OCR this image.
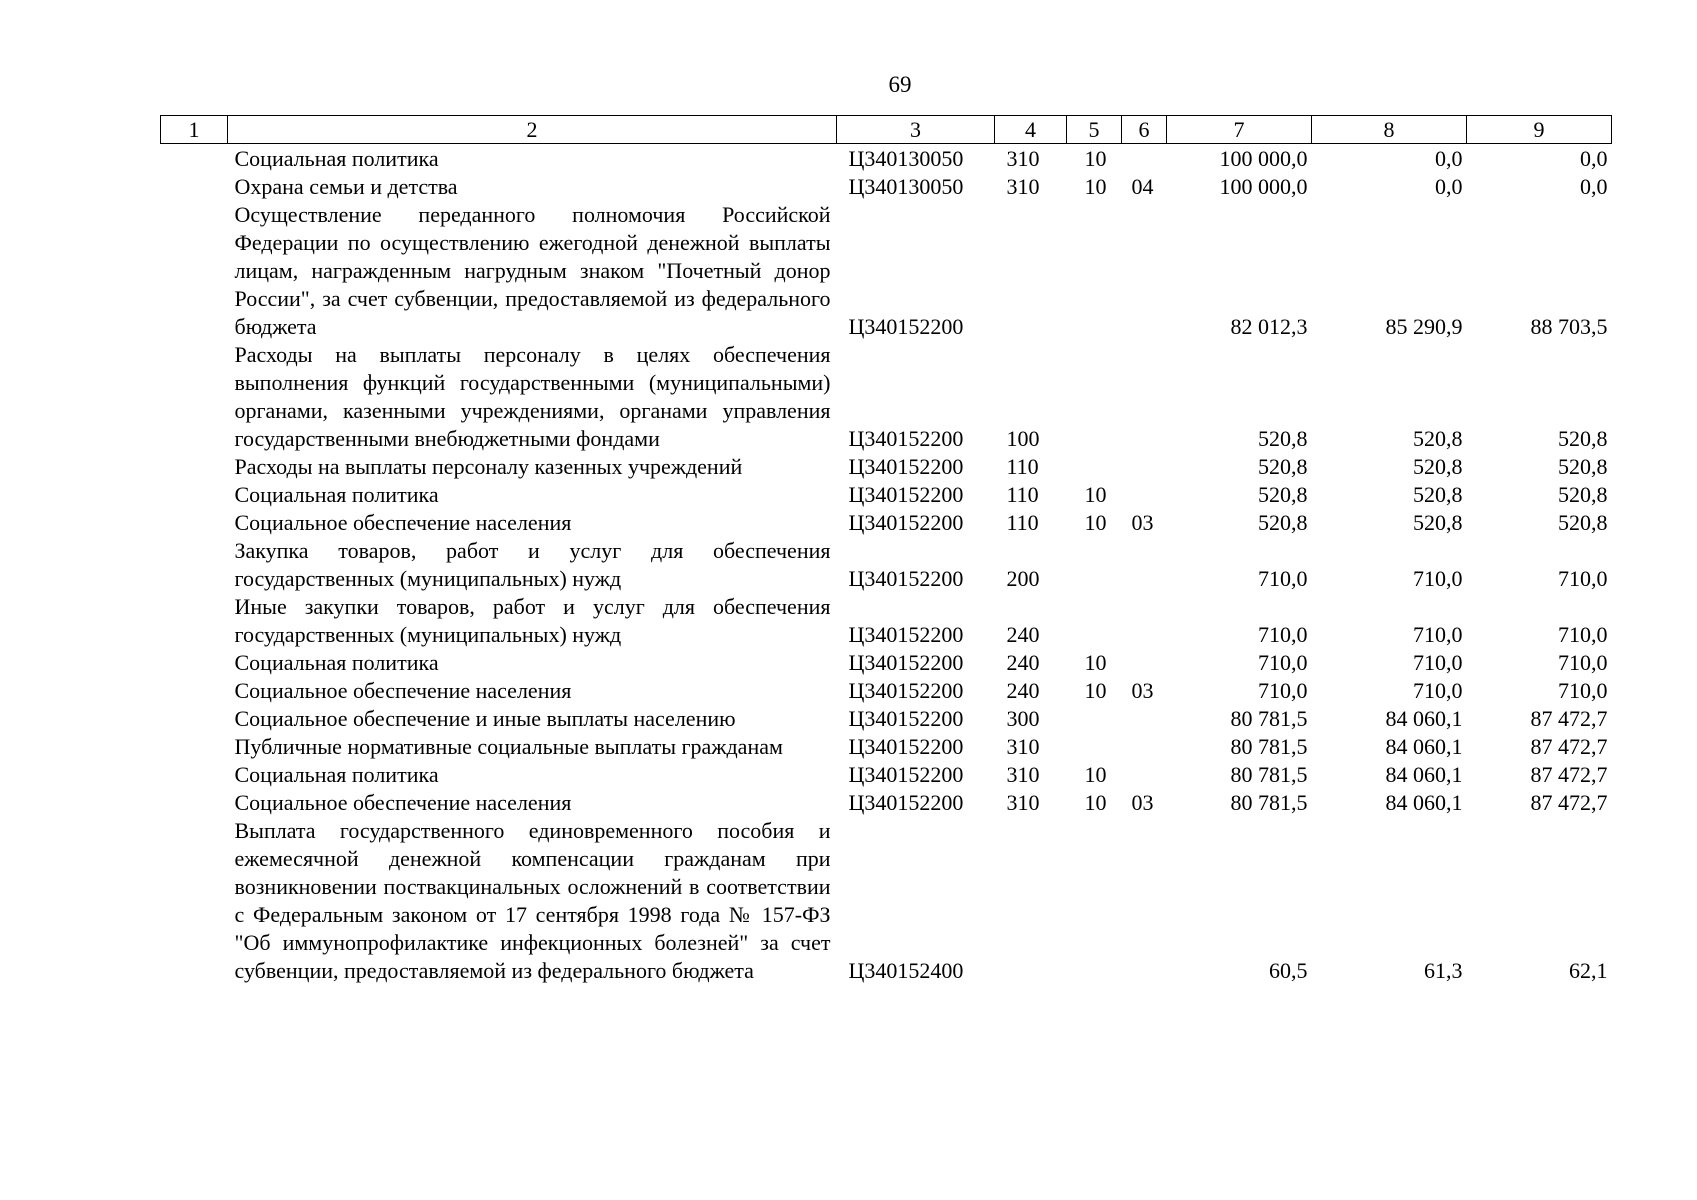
69
1	2	3	4	5	6	7	8	9
	Социальная политика	Ц340130050	310	10		100 000,0	0,0	0,0
	Охрана семьи и детства	Ц340130050	310	10	04	100 000,0	0,0	0,0
	Осуществление переданного полномочия Российской Федерации по осуществлению ежегодной денежной выплаты лицам, награжденным нагрудным знаком "Почетный донор России", за счет субвенции, предоставляемой из федерального бюджета	Ц340152200				82 012,3	85 290,9	88 703,5
	Расходы на выплаты персоналу в целях обеспечения выполнения функций государственными (муниципальными) органами, казенными учреждениями, органами управления государственными внебюджетными фондами	Ц340152200	100			520,8	520,8	520,8
	Расходы на выплаты персоналу казенных учреждений	Ц340152200	110			520,8	520,8	520,8
	Социальная политика	Ц340152200	110	10		520,8	520,8	520,8
	Социальное обеспечение населения	Ц340152200	110	10	03	520,8	520,8	520,8
	Закупка товаров, работ и услуг для обеспечения государственных (муниципальных) нужд	Ц340152200	200			710,0	710,0	710,0
	Иные закупки товаров, работ и услуг для обеспечения государственных (муниципальных) нужд	Ц340152200	240			710,0	710,0	710,0
	Социальная политика	Ц340152200	240	10		710,0	710,0	710,0
	Социальное обеспечение населения	Ц340152200	240	10	03	710,0	710,0	710,0
	Социальное обеспечение и иные выплаты населению	Ц340152200	300			80 781,5	84 060,1	87 472,7
	Публичные нормативные социальные выплаты гражданам	Ц340152200	310			80 781,5	84 060,1	87 472,7
	Социальная политика	Ц340152200	310	10		80 781,5	84 060,1	87 472,7
	Социальное обеспечение населения	Ц340152200	310	10	03	80 781,5	84 060,1	87 472,7
	Выплата государственного единовременного пособия и ежемесячной денежной компенсации гражданам при возникновении поствакцинальных осложнений в соответствии с Федеральным законом от 17 сентября 1998 года № 157-ФЗ "Об иммунопрофилактике инфекционных болезней" за счет субвенции, предоставляемой из федерального бюджета	Ц340152400				60,5	61,3	62,1
